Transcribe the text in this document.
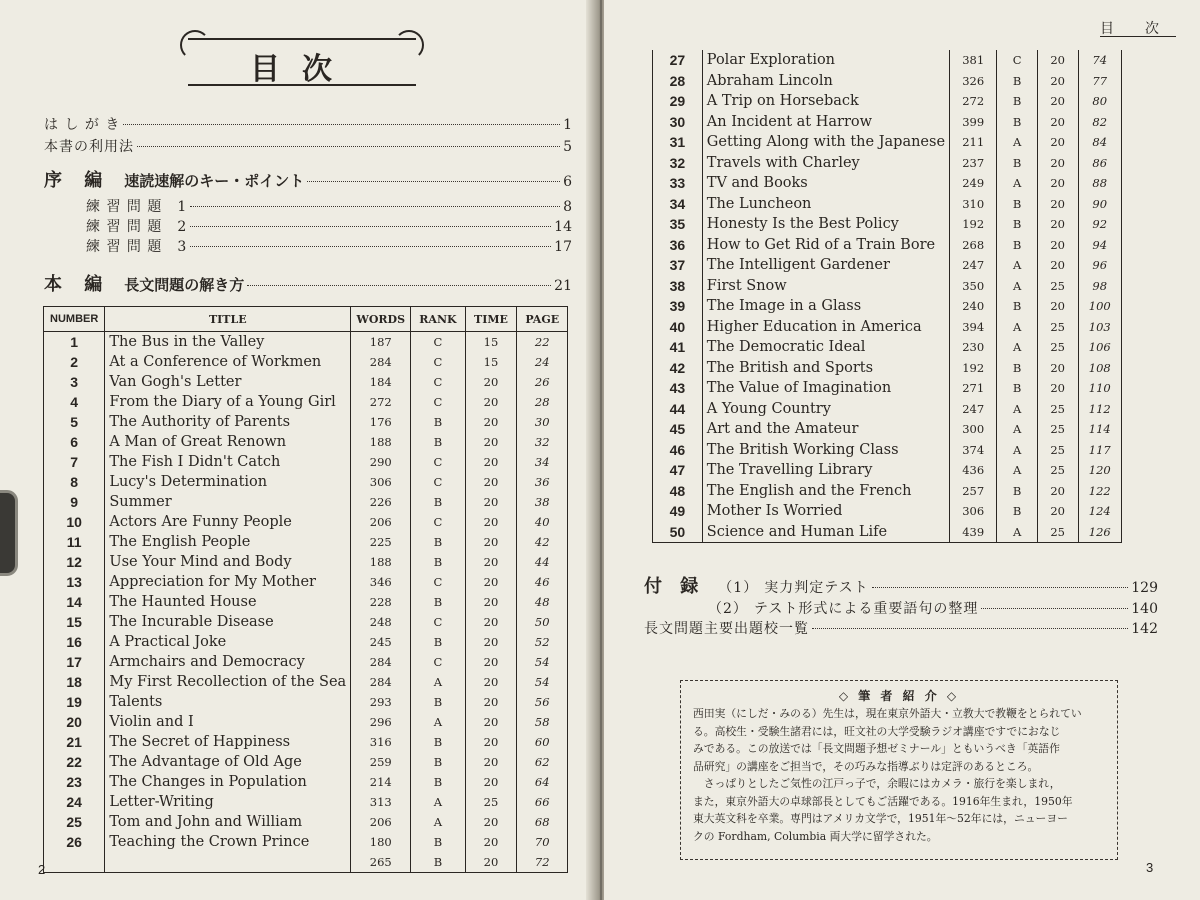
目次
は し が き	1
本書の利用法	5
序 編 速読速解のキー・ポイント	6
練 習 問 題　1	8
練 習 問 題　2	14
練 習 問 題　3	17
本 編 長文問題の解き方	21
NUMBER	TITLE	WORDS	RANK	TIME	PAGE
1	The Bus in the Valley	187	C	15	22
2	At a Conference of Workmen	284	C	15	24
3	Van Gogh's Letter	184	C	20	26
4	From the Diary of a Young Girl	272	C	20	28
5	The Authority of Parents	176	B	20	30
6	A Man of Great Renown	188	B	20	32
7	The Fish I Didn't Catch	290	C	20	34
8	Lucy's Determination	306	C	20	36
9	Summer	226	B	20	38
10	Actors Are Funny People	206	C	20	40
11	The English People	225	B	20	42
12	Use Your Mind and Body	188	B	20	44
13	Appreciation for My Mother	346	C	20	46
14	The Haunted House	228	B	20	48
15	The Incurable Disease	248	C	20	50
16	A Practical Joke	245	B	20	52
17	Armchairs and Democracy	284	C	20	54
18	My First Recollection of the Sea	284	A	20	54
19	Talents	293	B	20	56
20	Violin and I	296	A	20	58
21	The Secret of Happiness	316	B	20	60
22	The Advantage of Old Age	259	B	20	62
23	The Changes in Population	214	B	20	64
24	Letter-Writing	313	A	25	66
25	Tom and John and William	206	A	20	68
26	Teaching the Crown Prince	180	B	20	70
		265	B	20	72
2
目　　次
3
27	Polar Exploration	381	C	20	74
28	Abraham Lincoln	326	B	20	77
29	A Trip on Horseback	272	B	20	80
30	An Incident at Harrow	399	B	20	82
31	Getting Along with the Japanese	211	A	20	84
32	Travels with Charley	237	B	20	86
33	TV and Books	249	A	20	88
34	The Luncheon	310	B	20	90
35	Honesty Is the Best Policy	192	B	20	92
36	How to Get Rid of a Train Bore	268	B	20	94
37	The Intelligent Gardener	247	A	20	96
38	First Snow	350	A	25	98
39	The Image in a Glass	240	B	20	100
40	Higher Education in America	394	A	25	103
41	The Democratic Ideal	230	A	25	106
42	The British and Sports	192	B	20	108
43	The Value of Imagination	271	B	20	110
44	A Young Country	247	A	25	112
45	Art and the Amateur	300	A	25	114
46	The British Working Class	374	A	25	117
47	The Travelling Library	436	A	25	120
48	The English and the French	257	B	20	122
49	Mother Is Worried	306	B	20	124
50	Science and Human Life	439	A	25	126
付 録 （1） 実力判定テスト	129
（2） テスト形式による重要語句の整理	140
長文問題主要出題校一覧	142
◇ 筆 者 紹 介 ◇
西田実（にしだ・みのる）先生は，現在東京外語大・立教大で教鞭をとられてい
る。高校生・受験生諸君には，旺文社の大学受験ラジオ講座ですでにおなじ
みである。この放送では「長文問題予想ゼミナール」ともいうべき「英語作
品研究」の講座をご担当で，その巧みな指導ぶりは定評のあるところ。
　さっぱりとしたご気性の江戸っ子で，余暇にはカメラ・旅行を楽しまれ，
また，東京外語大の卓球部長としてもご活躍である。1916年生まれ，1950年
東大英文科を卒業。専門はアメリカ文学で，1951年～52年には，ニューヨー
クの Fordham, Columbia 両大学に留学された。
